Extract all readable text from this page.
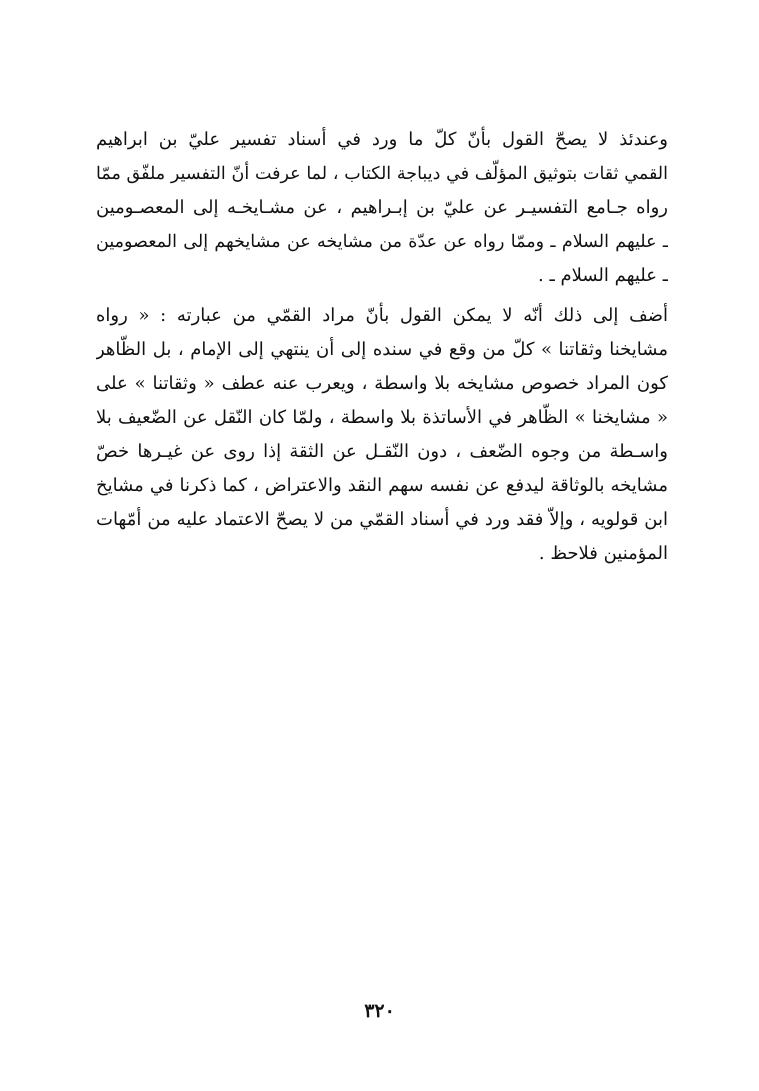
وعندئذ لا يصحّ القول بأنّ كلّ ما ورد في أسناد تفسير عليّ بن ابراهيم
القمي ثقات بتوثيق المؤلّف في ديباجة الكتاب ، لما عرفت أنّ التفسير ملفّق ممّا
رواه جـامع التفسيـر عن عليّ بن إبـراهيم ، عن مشـايخـه إلى المعصـومين
ـ عليهم السلام ـ وممّا رواه عن عدّة من مشايخه عن مشايخهم إلى المعصومين
ـ عليهم السلام ـ .
أضف إلى ذلك أنّه لا يمكن القول بأنّ مراد القمّي من عبارته : « رواه
مشايخنا وثقاتنا » كلّ من وقع في سنده إلى أن ينتهي إلى الإمام ، بل الظّاهر
كون المراد خصوص مشايخه بلا واسطة ، ويعرب عنه عطف « وثقاتنا » على
« مشايخنا » الظّاهر في الأساتذة بلا واسطة ، ولمّا كان النّقل عن الضّعيف بلا
واسـطة من وجوه الضّعف ، دون النّقـل عن الثقة إذا روى عن غيـرها خصّ
مشايخه بالوثاقة ليدفع عن نفسه سهم النقد والاعتراض ، كما ذكرنا في مشايخ
ابن قولويه ، وإلاّ فقد ورد في أسناد القمّي من لا يصحّ الاعتماد عليه من أمّهات
المؤمنين فلاحظ .
٣٢٠
